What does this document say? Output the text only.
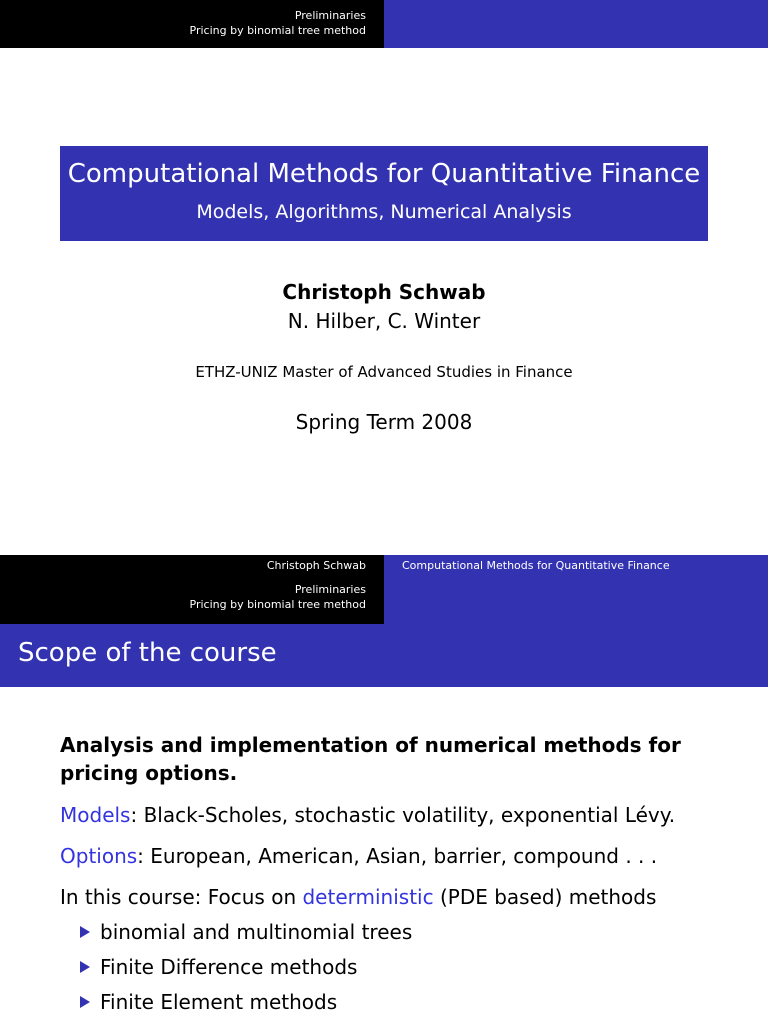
Preliminaries
Pricing by binomial tree method
Computational Methods for Quantitative Finance
Models, Algorithms, Numerical Analysis
Christoph Schwab
N. Hilber, C. Winter
ETHZ-UNIZ Master of Advanced Studies in Finance
Spring Term 2008
Christoph Schwab	Computational Methods for Quantitative Finance
Preliminaries
Pricing by binomial tree method
Scope of the course
Analysis and implementation of numerical methods for
pricing options.
Models: Black-Scholes, stochastic volatility, exponential Lévy.
Options: European, American, Asian, barrier, compound . . .
In this course: Focus on deterministic (PDE based) methods
binomial and multinomial trees
Finite Difference methods
Finite Element methods
